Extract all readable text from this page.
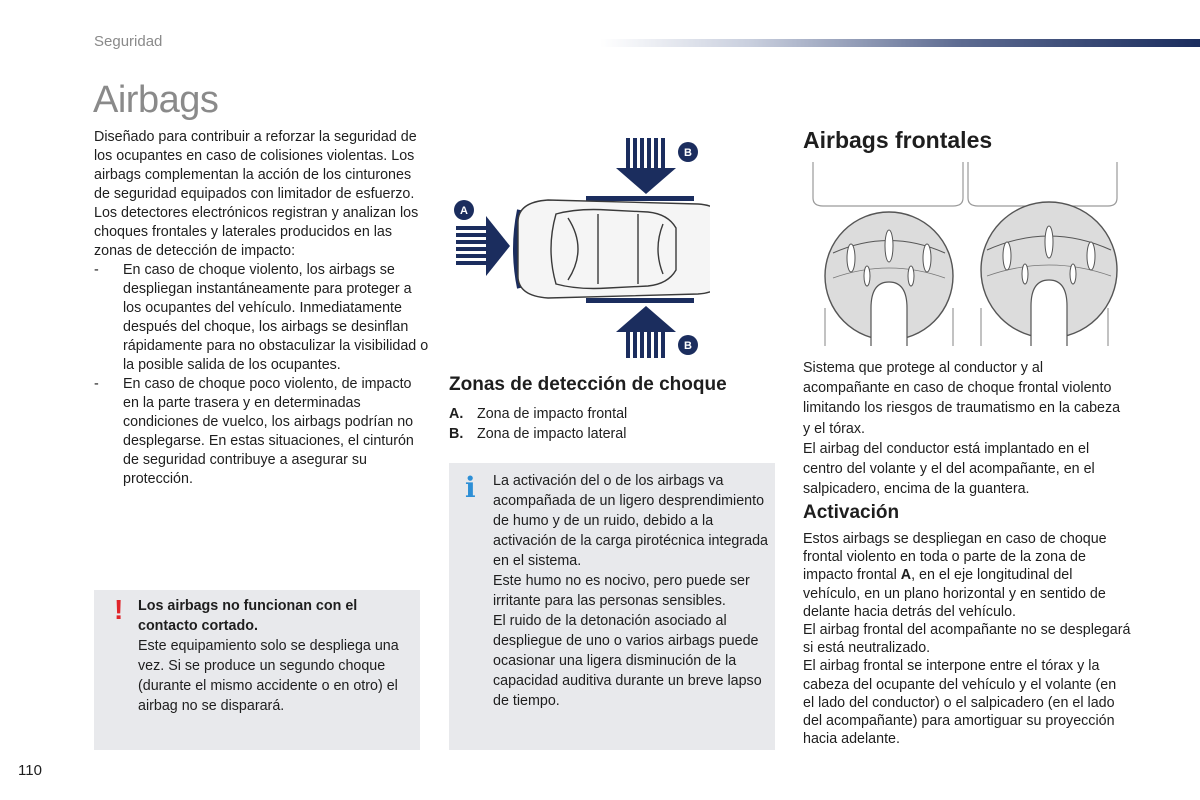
Seguridad
Airbags

Diseñado para contribuir a reforzar la seguridad de los ocupantes en caso de colisiones violentas. Los airbags complementan la acción de los cinturones de seguridad equipados con limitador de esfuerzo. Los detectores electrónicos registran y analizan los choques frontales y laterales producidos en las zonas de detección de impacto:

- En caso de choque violento, los airbags se despliegan instantáneamente para proteger a los ocupantes del vehículo. Inmediatamente después del choque, los airbags se desinflan rápidamente para no obstaculizar la visibilidad o la posible salida de los ocupantes.
- En caso de choque poco violento, de impacto en la parte trasera y en determinadas condiciones de vuelco, los airbags podrían no desplegarse. En estas situaciones, el cinturón de seguridad contribuye a asegurar su protección.
! Los airbags no funcionan con el contacto cortado.
Este equipamiento solo se despliega una vez. Si se produce un segundo choque (durante el mismo accidente o en otro) el airbag no se disparará.
A
B
B
Zonas de detección de choque
A. Zona de impacto frontal
B. Zona de impacto lateral
i La activación del o de los airbags va acompañada de un ligero desprendimiento de humo y de un ruido, debido a la activación de la carga pirotécnica integrada en el sistema.

Este humo no es nocivo, pero puede ser irritante para las personas sensibles.

El ruido de la detonación asociado al despliegue de uno o varios airbags puede ocasionar una ligera disminución de la capacidad auditiva durante un breve lapso de tiempo.

Airbags frontales

Sistema que protege al conductor y al acompañante en caso de choque frontal violento limitando los riesgos de traumatismo en la cabeza y el tórax.

El airbag del conductor está implantado en el centro del volante y el del acompañante, en el salpicadero, encima de la guantera.

Activación

Estos airbags se despliegan en caso de choque frontal violento en toda o parte de la zona de impacto frontal A, en el eje longitudinal del vehículo, en un plano horizontal y en sentido de delante hacia detrás del vehículo.

El airbag frontal del acompañante no se desplegará si está neutralizado.

El airbag frontal se interpone entre el tórax y la cabeza del ocupante del vehículo y el volante (en el lado del conductor) o el salpicadero (en el lado del acompañante) para amortiguar su proyección hacia adelante.

110
